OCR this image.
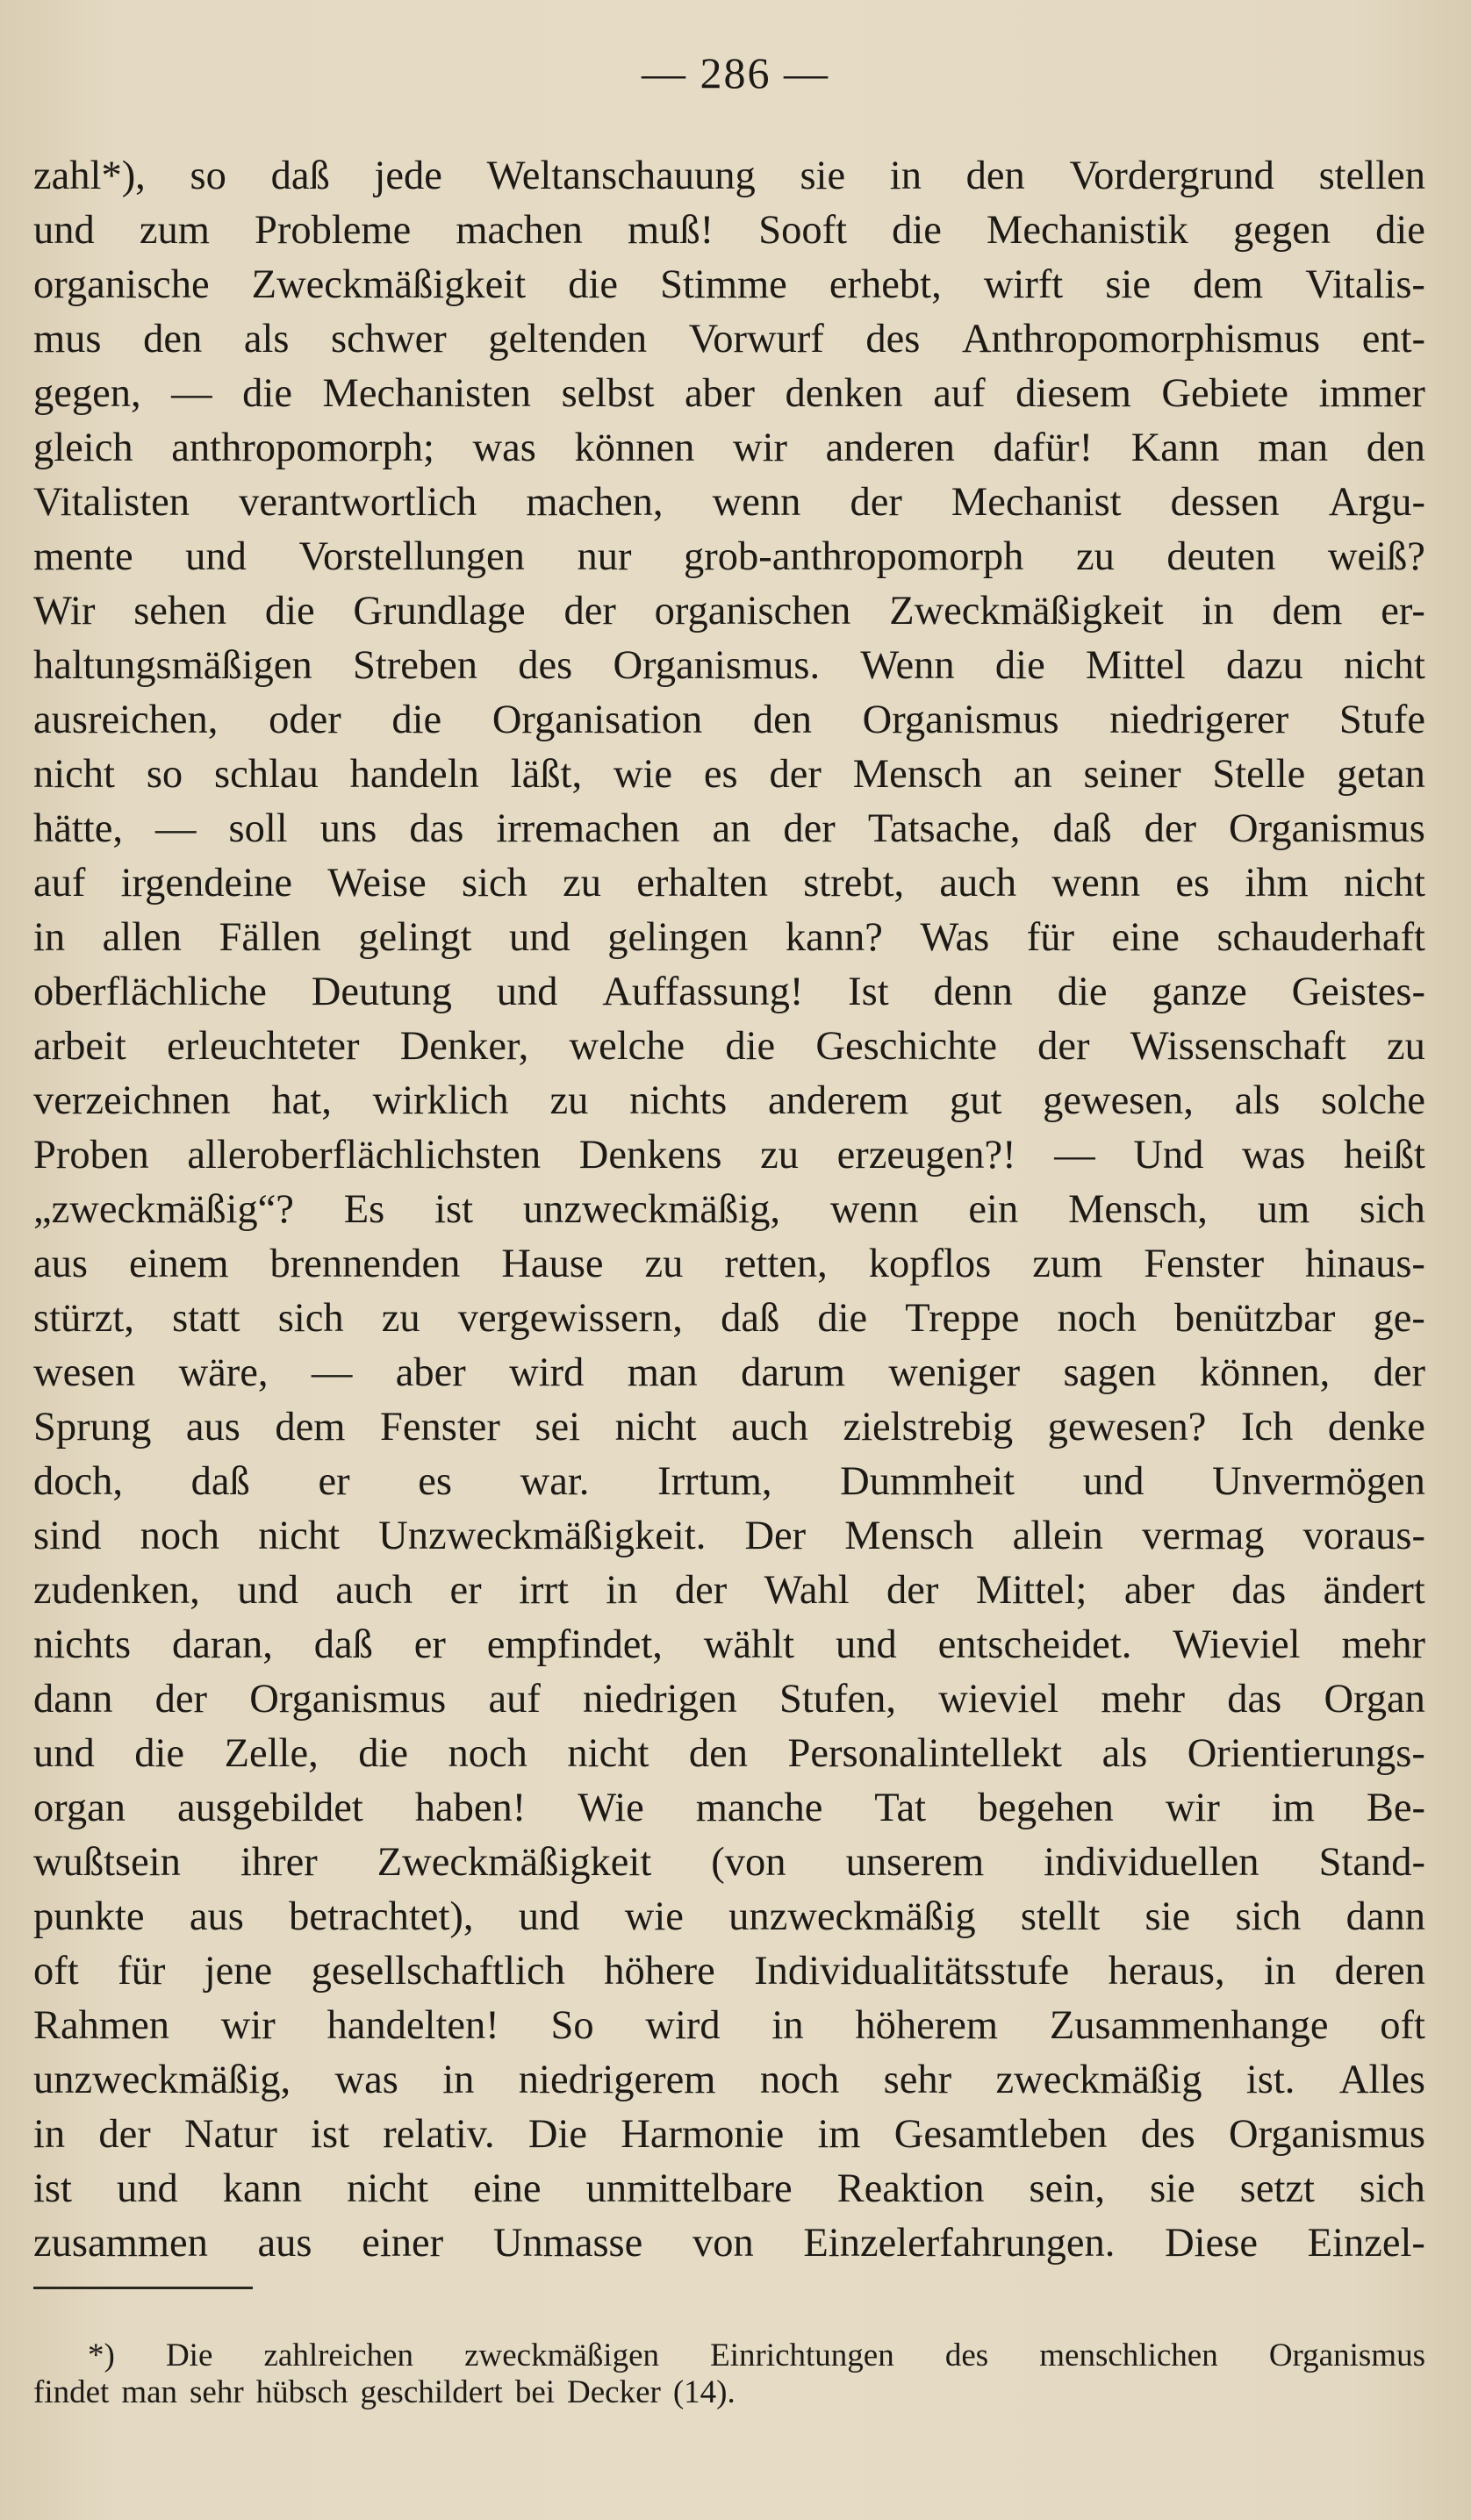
— 286 —
zahl*), so daß jede Weltanschauung sie in den Vordergrund stellen
und zum Probleme machen muß! Sooft die Mechanistik gegen die
organische Zweckmäßigkeit die Stimme erhebt, wirft sie dem Vitalis-
mus den als schwer geltenden Vorwurf des Anthropomorphismus ent-
gegen, — die Mechanisten selbst aber denken auf diesem Gebiete immer
gleich anthropomorph; was können wir anderen dafür! Kann man den
Vitalisten verantwortlich machen, wenn der Mechanist dessen Argu-
mente und Vorstellungen nur grob-anthropomorph zu deuten weiß?
Wir sehen die Grundlage der organischen Zweckmäßigkeit in dem er-
haltungsmäßigen Streben des Organismus. Wenn die Mittel dazu nicht
ausreichen, oder die Organisation den Organismus niedrigerer Stufe
nicht so schlau handeln läßt, wie es der Mensch an seiner Stelle getan
hätte, — soll uns das irremachen an der Tatsache, daß der Organismus
auf irgendeine Weise sich zu erhalten strebt, auch wenn es ihm nicht
in allen Fällen gelingt und gelingen kann? Was für eine schauderhaft
oberflächliche Deutung und Auffassung! Ist denn die ganze Geistes-
arbeit erleuchteter Denker, welche die Geschichte der Wissenschaft zu
verzeichnen hat, wirklich zu nichts anderem gut gewesen, als solche
Proben alleroberflächlichsten Denkens zu erzeugen?! — Und was heißt
„zweckmäßig“? Es ist unzweckmäßig, wenn ein Mensch, um sich
aus einem brennenden Hause zu retten, kopflos zum Fenster hinaus-
stürzt, statt sich zu vergewissern, daß die Treppe noch benützbar ge-
wesen wäre, — aber wird man darum weniger sagen können, der
Sprung aus dem Fenster sei nicht auch zielstrebig gewesen? Ich denke
doch, daß er es war. Irrtum, Dummheit und Unvermögen
sind noch nicht Unzweckmäßigkeit. Der Mensch allein vermag voraus-
zudenken, und auch er irrt in der Wahl der Mittel; aber das ändert
nichts daran, daß er empfindet, wählt und entscheidet. Wieviel mehr
dann der Organismus auf niedrigen Stufen, wieviel mehr das Organ
und die Zelle, die noch nicht den Personalintellekt als Orientierungs-
organ ausgebildet haben! Wie manche Tat begehen wir im Be-
wußtsein ihrer Zweckmäßigkeit (von unserem individuellen Stand-
punkte aus betrachtet), und wie unzweckmäßig stellt sie sich dann
oft für jene gesellschaftlich höhere Individualitätsstufe heraus, in deren
Rahmen wir handelten! So wird in höherem Zusammenhange oft
unzweckmäßig, was in niedrigerem noch sehr zweckmäßig ist. Alles
in der Natur ist relativ. Die Harmonie im Gesamtleben des Organismus
ist und kann nicht eine unmittelbare Reaktion sein, sie setzt sich
zusammen aus einer Unmasse von Einzelerfahrungen. Diese Einzel-
*) Die zahlreichen zweckmäßigen Einrichtungen des menschlichen Organismus
findet man sehr hübsch geschildert bei Decker (14).
